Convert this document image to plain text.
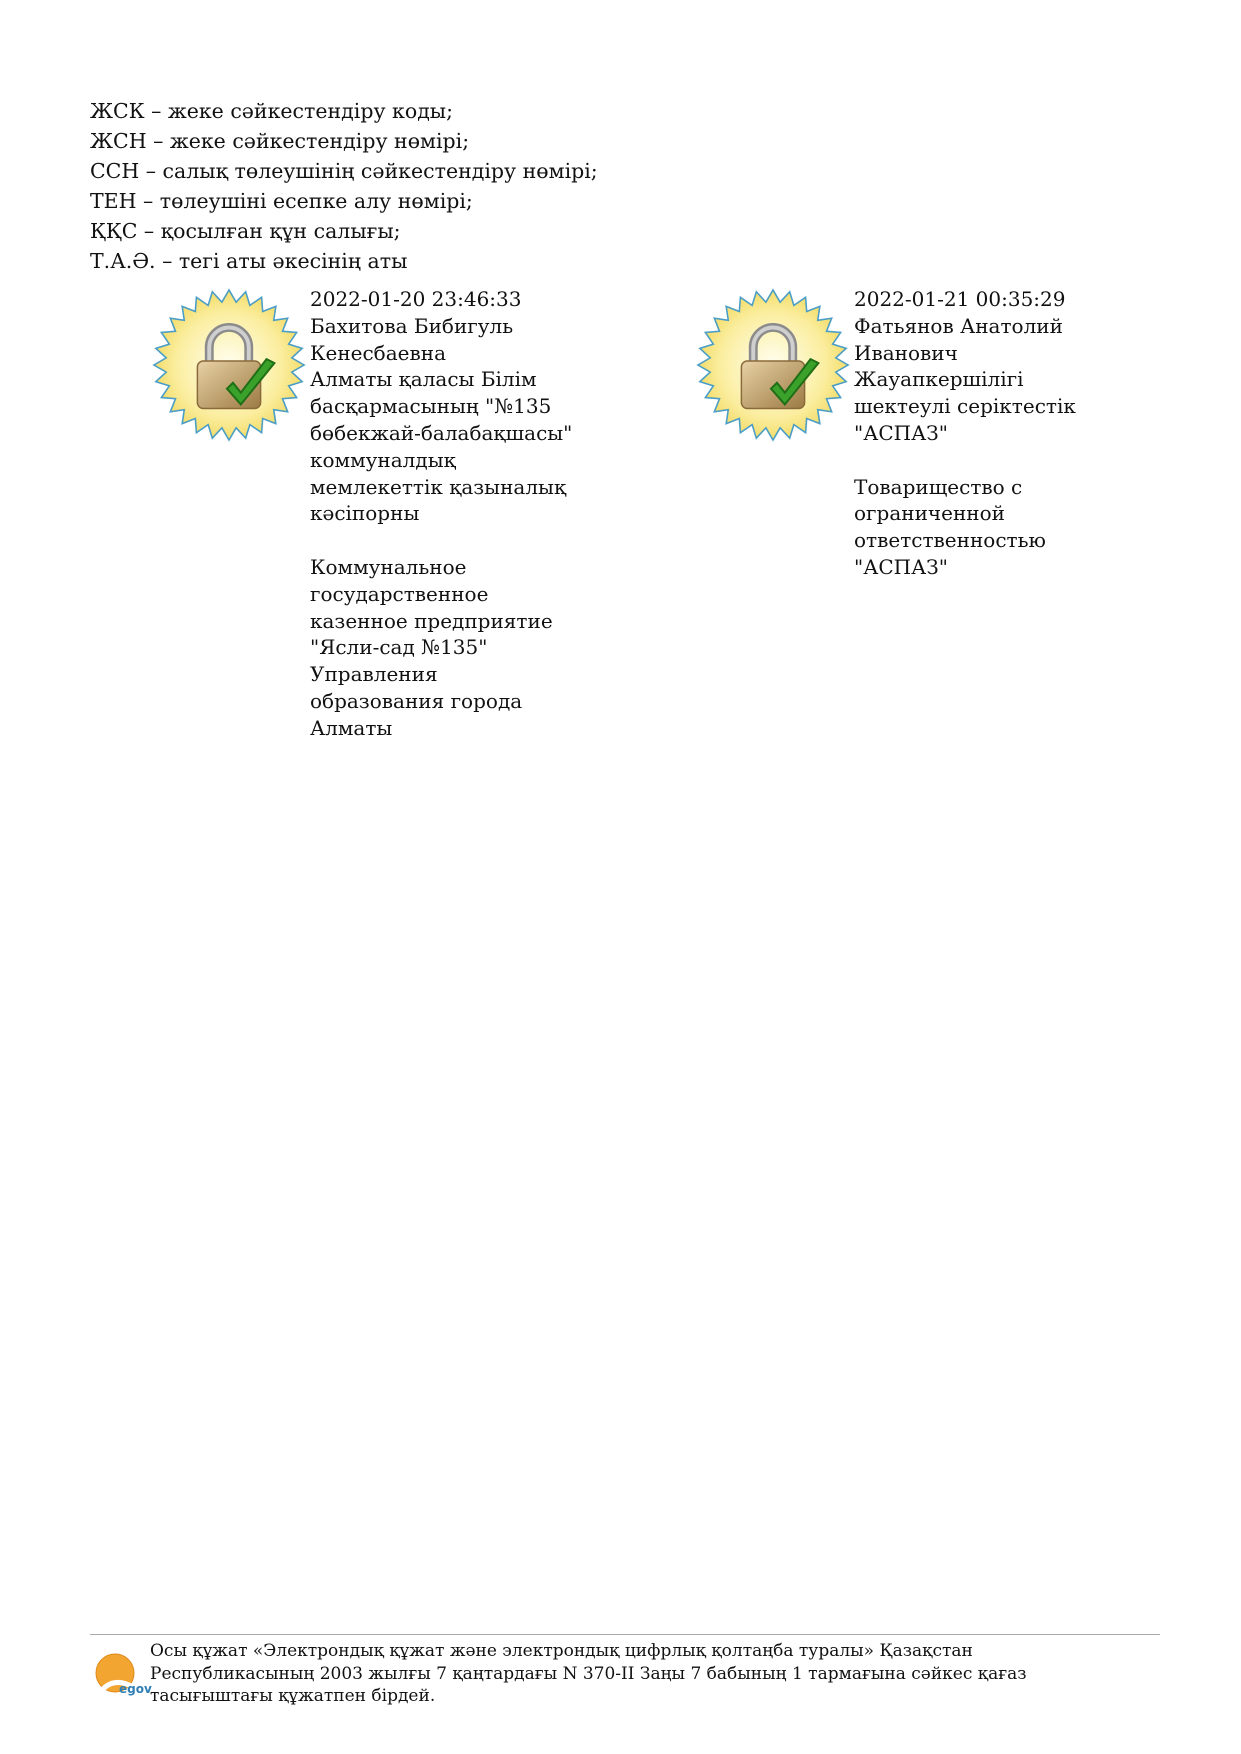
ЖСК – жеке сәйкестендіру коды;
ЖСН – жеке сәйкестендіру нөмірі;
ССН – салық төлеушінің сәйкестендіру нөмірі;
ТЕН – төлеушіні есепке алу нөмірі;
ҚҚС – қосылған құн салығы;
Т.А.Ә. – тегі аты әкесінің аты
2022-01-20 23:46:33
Бахитова Бибигуль
Кенесбаевна
Алматы қаласы Білім
басқармасының "№135
бөбекжай-балабақшасы"
коммуналдық
мемлекеттік қазыналық
кәсіпорны

Коммунальное
государственное
казенное предприятие
"Ясли-сад №135"
Управления
образования города
Алматы
2022-01-21 00:35:29
Фатьянов Анатолий
Иванович
Жауапкершілігі
шектеулі серіктестік
"АСПАЗ"

Товарищество с
ограниченной
ответственностью
"АСПАЗ"
egov
Осы құжат «Электрондық құжат және электрондық цифрлық қолтаңба туралы» Қазақстан Республикасының 2003 жылғы 7 қаңтардағы N 370-II Заңы 7 бабының 1 тармағына сәйкес қағаз тасығыштағы құжатпен бірдей.
